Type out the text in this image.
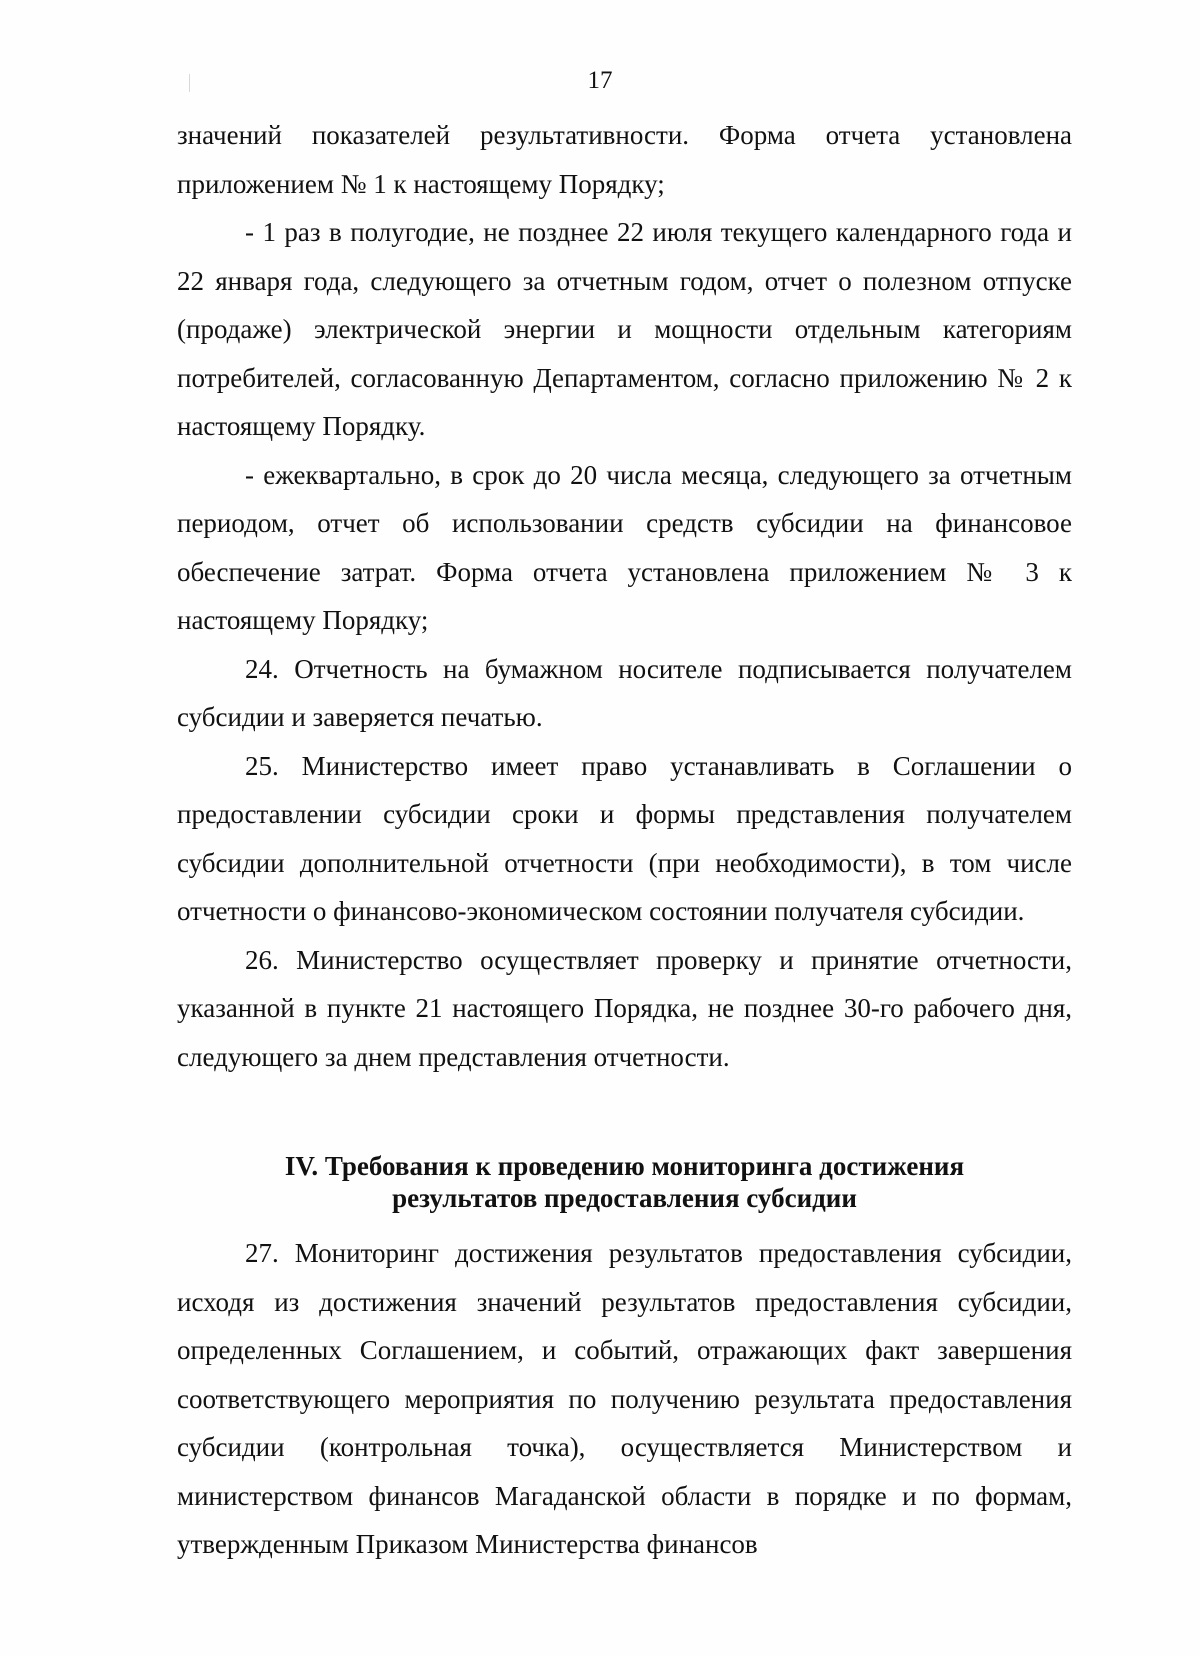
17

значений показателей результативности. Форма отчета установлена приложением № 1 к настоящему Порядку;

- 1 раз в полугодие, не позднее 22 июля текущего календарного года и 22 января года, следующего за отчетным годом, отчет о полезном отпуске (продаже) электрической энергии и мощности отдельным категориям потребителей, согласованную Департаментом, согласно приложению № 2 к настоящему Порядку.

- ежеквартально, в срок до 20 числа месяца, следующего за отчетным периодом, отчет об использовании средств субсидии на финансовое обеспечение затрат. Форма отчета установлена приложением № 3 к настоящему Порядку;

24. Отчетность на бумажном носителе подписывается получателем субсидии и заверяется печатью.

25. Министерство имеет право устанавливать в Соглашении о предоставлении субсидии сроки и формы представления получателем субсидии дополнительной отчетности (при необходимости), в том числе отчетности о финансово-экономическом состоянии получателя субсидии.

26. Министерство осуществляет проверку и принятие отчетности, указанной в пункте 21 настоящего Порядка, не позднее 30-го рабочего дня, следующего за днем представления отчетности.

IV. Требования к проведению мониторинга достижения
результатов предоставления субсидии

27. Мониторинг достижения результатов предоставления субсидии, исходя из достижения значений результатов предоставления субсидии, определенных Соглашением, и событий, отражающих факт завершения соответствующего мероприятия по получению результата предоставления субсидии (контрольная точка), осуществляется Министерством и министерством финансов Магаданской области в порядке и по формам, утвержденным Приказом Министерства финансов
